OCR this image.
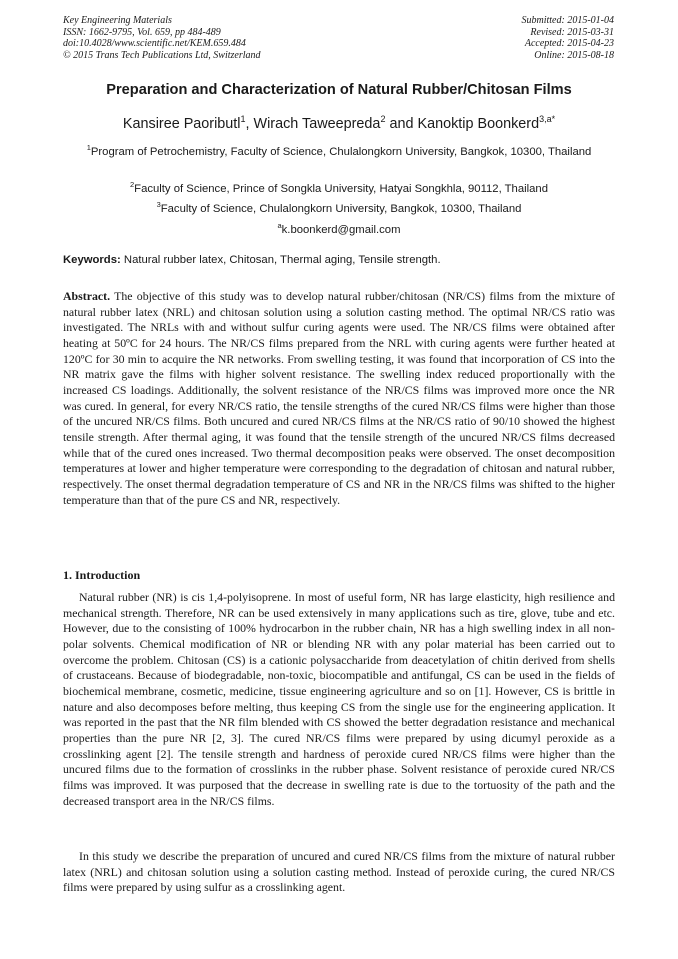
Key Engineering Materials
ISSN: 1662-9795, Vol. 659, pp 484-489
doi:10.4028/www.scientific.net/KEM.659.484
© 2015 Trans Tech Publications Ltd, Switzerland
Submitted: 2015-01-04
Revised: 2015-03-31
Accepted: 2015-04-23
Online: 2015-08-18
Preparation and Characterization of Natural Rubber/Chitosan Films
Kansiree Paoributl$^1$, Wirach Taweepreda$^2$ and Kanoktip Boonkerd$^{3,a*}$
$^1$Program of Petrochemistry, Faculty of Science, Chulalongkorn University, Bangkok, 10300, Thailand
$^2$Faculty of Science, Prince of Songkla University, Hatyai Songkhla, 90112, Thailand
$^3$Faculty of Science, Chulalongkorn University, Bangkok, 10300, Thailand
$^a$k.boonkerd@gmail.com
Keywords: Natural rubber latex, Chitosan, Thermal aging, Tensile strength.
Abstract. The objective of this study was to develop natural rubber/chitosan (NR/CS) films from the mixture of natural rubber latex (NRL) and chitosan solution using a solution casting method. The optimal NR/CS ratio was investigated. The NRLs with and without sulfur curing agents were used. The NR/CS films were obtained after heating at 50ºC for 24 hours. The NR/CS films prepared from the NRL with curing agents were further heated at 120ºC for 30 min to acquire the NR networks. From swelling testing, it was found that incorporation of CS into the NR matrix gave the films with higher solvent resistance. The swelling index reduced proportionally with the increased CS loadings. Additionally, the solvent resistance of the NR/CS films was improved more once the NR was cured. In general, for every NR/CS ratio, the tensile strengths of the cured NR/CS films were higher than those of the uncured NR/CS films. Both uncured and cured NR/CS films at the NR/CS ratio of 90/10 showed the highest tensile strength. After thermal aging, it was found that the tensile strength of the uncured NR/CS films decreased while that of the cured ones increased. Two thermal decomposition peaks were observed. The onset decomposition temperatures at lower and higher temperature were corresponding to the degradation of chitosan and natural rubber, respectively. The onset thermal degradation temperature of CS and NR in the NR/CS films was shifted to the higher temperature than that of the pure CS and NR, respectively.
1. Introduction
Natural rubber (NR) is cis 1,4-polyisoprene. In most of useful form, NR has large elasticity, high resilience and mechanical strength. Therefore, NR can be used extensively in many applications such as tire, glove, tube and etc. However, due to the consisting of 100% hydrocarbon in the rubber chain, NR has a high swelling index in all non-polar solvents. Chemical modification of NR or blending NR with any polar material has been carried out to overcome the problem. Chitosan (CS) is a cationic polysaccharide from deacetylation of chitin derived from shells of crustaceans. Because of biodegradable, non-toxic, biocompatible and antifungal, CS can be used in the fields of biochemical membrane, cosmetic, medicine, tissue engineering agriculture and so on [1]. However, CS is brittle in nature and also decomposes before melting, thus keeping CS from the single use for the engineering application. It was reported in the past that the NR film blended with CS showed the better degradation resistance and mechanical properties than the pure NR [2, 3]. The cured NR/CS films were prepared by using dicumyl peroxide as a crosslinking agent [2]. The tensile strength and hardness of peroxide cured NR/CS films were higher than the uncured films due to the formation of crosslinks in the rubber phase. Solvent resistance of peroxide cured NR/CS films was improved. It was purposed that the decrease in swelling rate is due to the tortuosity of the path and the decreased transport area in the NR/CS films.
In this study we describe the preparation of uncured and cured NR/CS films from the mixture of natural rubber latex (NRL) and chitosan solution using a solution casting method. Instead of peroxide curing, the cured NR/CS films were prepared by using sulfur as a crosslinking agent.
